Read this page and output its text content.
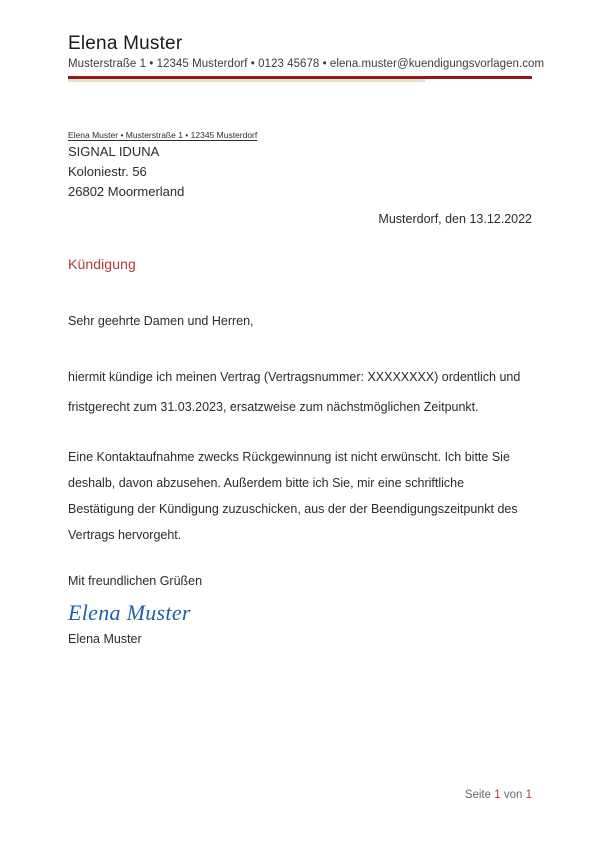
Elena Muster
Musterstraße 1 • 12345 Musterdorf • 0123 45678 • elena.muster@kuendigungsvorlagen.com
Elena Muster • Musterstraße 1 • 12345 Musterdorf
SIGNAL IDUNA
Koloniestr. 56
26802 Moormerland
Musterdorf, den 13.12.2022
Kündigung
Sehr geehrte Damen und Herren,
hiermit kündige ich meinen Vertrag (Vertragsnummer: XXXXXXXX) ordentlich und fristgerecht zum 31.03.2023, ersatzweise zum nächstmöglichen Zeitpunkt.
Eine Kontaktaufnahme zwecks Rückgewinnung ist nicht erwünscht. Ich bitte Sie deshalb, davon abzusehen. Außerdem bitte ich Sie, mir eine schriftliche Bestätigung der Kündigung zuzuschicken, aus der der Beendigungszeitpunkt des Vertrags hervorgeht.
Mit freundlichen Grüßen
Elena Muster
Elena Muster
Seite 1 von 1
